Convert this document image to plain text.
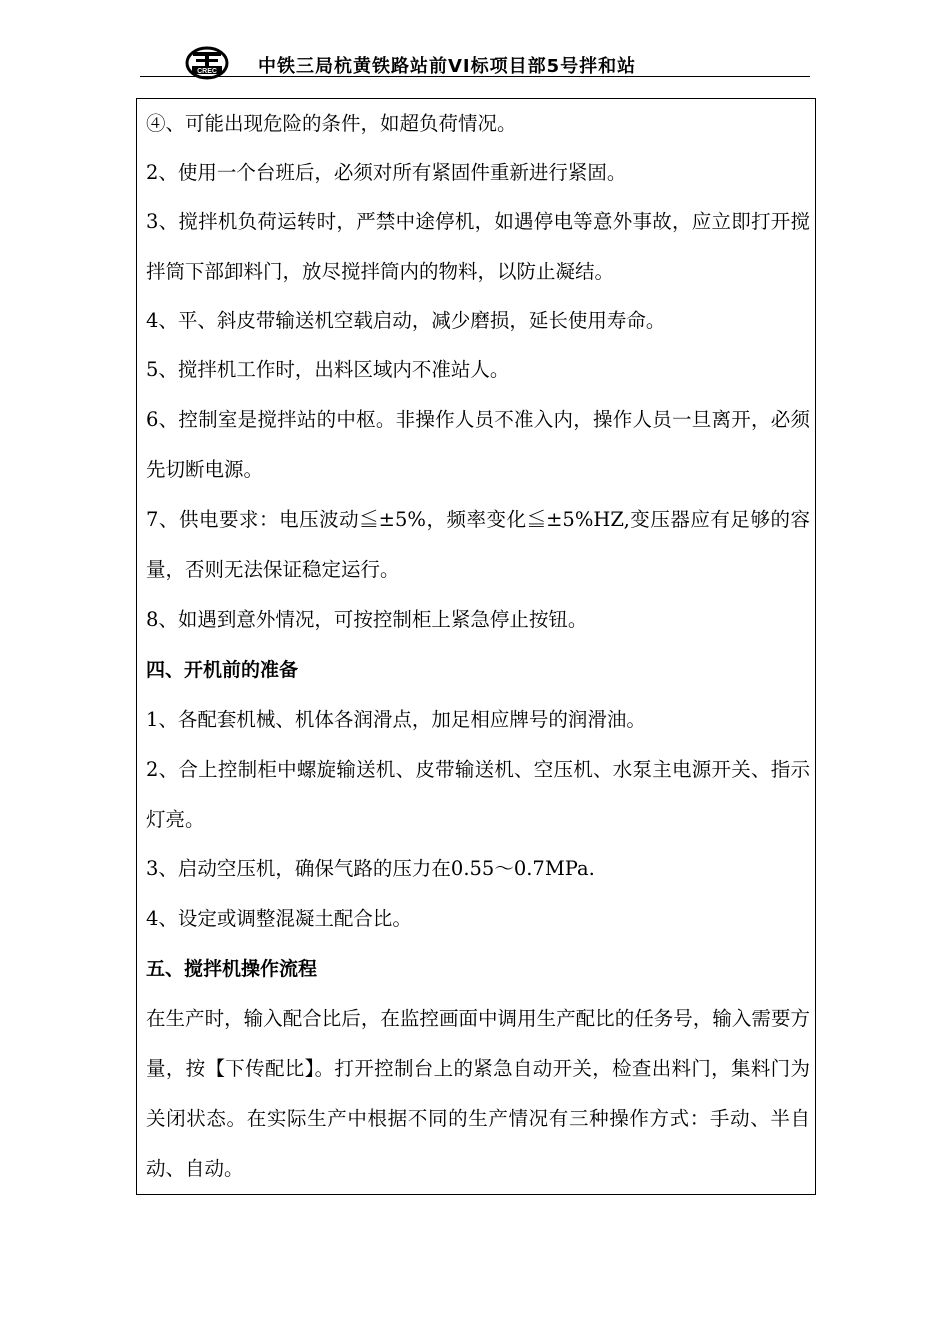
CREC 中铁三局杭黄铁路站前VI标项目部5号拌和站

④、可能出现危险的条件，如超负荷情况。

2、使用一个台班后，必须对所有紧固件重新进行紧固。

3、搅拌机负荷运转时，严禁中途停机，如遇停电等意外事故，应立即打开搅拌筒下部卸料门，放尽搅拌筒内的物料，以防止凝结。

4、平、斜皮带输送机空载启动，减少磨损，延长使用寿命。

5、搅拌机工作时，出料区域内不准站人。

6、控制室是搅拌站的中枢。非操作人员不准入内，操作人员一旦离开，必须先切断电源。

7、供电要求：电压波动≦±5%，频率变化≦±5%HZ,变压器应有足够的容量，否则无法保证稳定运行。

8、如遇到意外情况，可按控制柜上紧急停止按钮。

四、开机前的准备

1、各配套机械、机体各润滑点，加足相应牌号的润滑油。

2、合上控制柜中螺旋输送机、皮带输送机、空压机、水泵主电源开关、指示灯亮。

3、启动空压机，确保气路的压力在0.55～0.7MPa.

4、设定或调整混凝土配合比。

五、搅拌机操作流程

在生产时，输入配合比后，在监控画面中调用生产配比的任务号，输入需要方量，按【下传配比】。打开控制台上的紧急自动开关，检查出料门，集料门为关闭状态。在实际生产中根据不同的生产情况有三种操作方式：手动、半自动、自动。
